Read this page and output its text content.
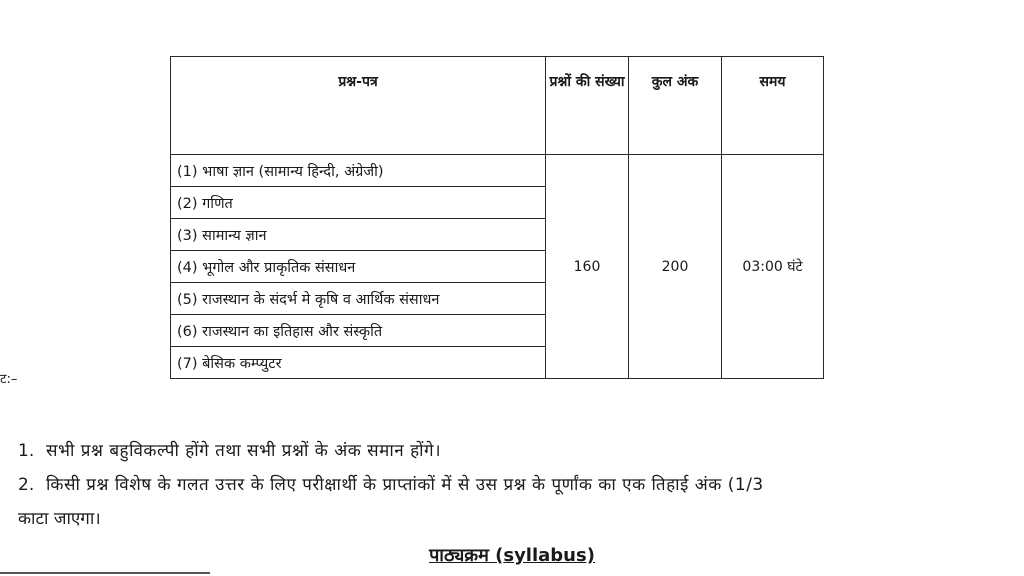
प्रश्न-पत्र	प्रश्नों की संख्या	कुल अंक	समय
(1) भाषा ज्ञान (सामान्य हिन्दी, अंग्रेजी)	160	200	03:00 घंटे
(2) गणित			
(3) सामान्य ज्ञान			
(4) भूगोल और प्राकृतिक संसाधन			
(5) राजस्थान के संदर्भ मे कृषि व आर्थिक संसाधन			
(6) राजस्थान का इतिहास और संस्कृति			
(7) बेसिक कम्प्युटर			
ट:–
1. सभी प्रश्न बहुविकल्पी होंगे तथा सभी प्रश्नों के अंक समान होंगे।
2. किसी प्रश्न विशेष के गलत उत्तर के लिए परीक्षार्थी के प्राप्तांकों में से उस प्रश्न के पूर्णांक का एक तिहाई अंक (1/3
काटा जाएगा।
पाठ्यक्रम (syllabus)
